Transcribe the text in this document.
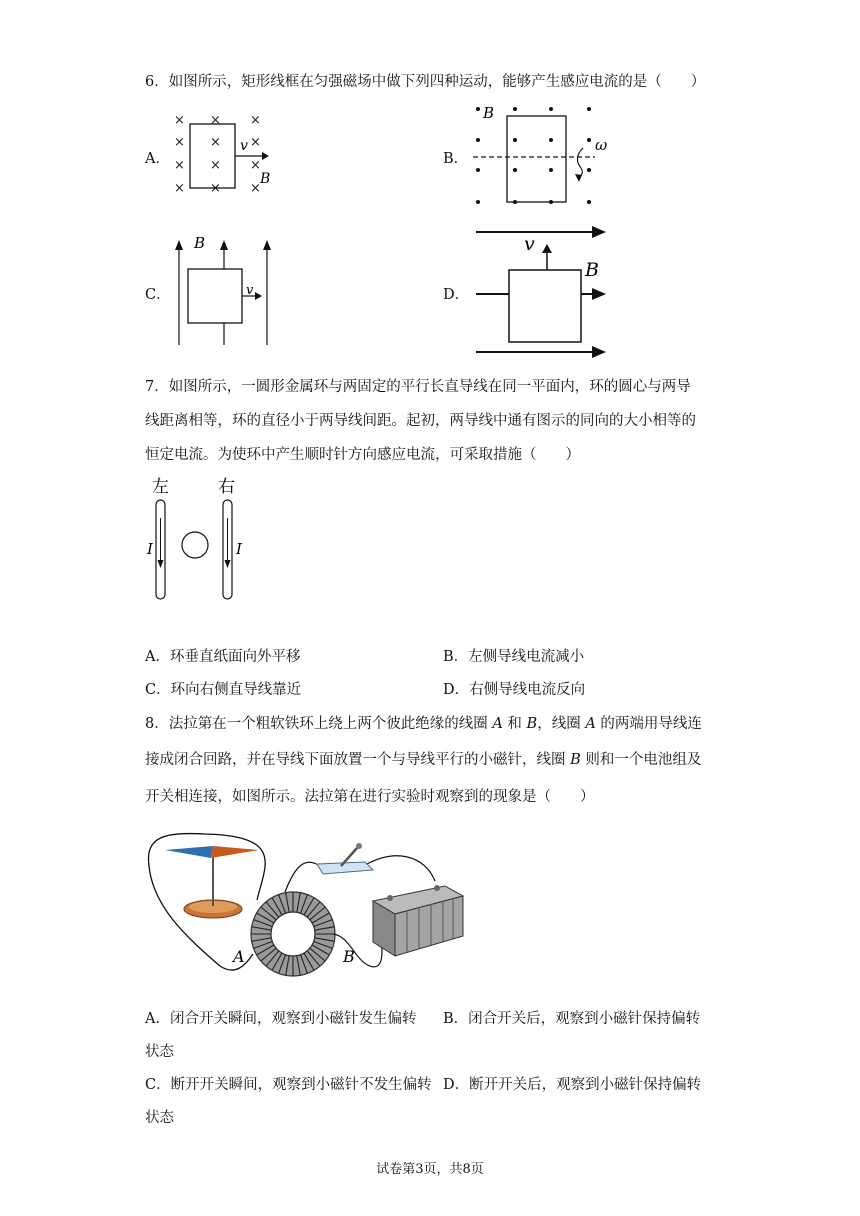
6．如图所示，矩形线框在匀强磁场中做下列四种运动，能够产生感应电流的是（　　）
A．
× × ×
× × ×
× × ×
× × ×
v
B
B．
B
ω
C．
B
v	D．
v
B
7．如图所示，一圆形金属环与两固定的平行长直导线在同一平面内，环的圆心与两导
线距离相等，环的直径小于两导线间距。起初，两导线中通有图示的同向的大小相等的
恒定电流。为使环中产生顺时针方向感应电流，可采取措施（　　）
左	右
I	I
A．环垂直纸面向外平移	B．左侧导线电流减小
C．环向右侧直导线靠近	D．右侧导线电流反向
8．法拉第在一个粗软铁环上绕上两个彼此绝缘的线圈 A 和 B，线圈 A 的两端用导线连
接成闭合回路，并在导线下面放置一个与导线平行的小磁针，线圈 B 则和一个电池组及
开关相连接，如图所示。法拉第在进行实验时观察到的现象是（　　）
A	B
A．闭合开关瞬间，观察到小磁针发生偏转 B．闭合开关后，观察到小磁针保持偏转
状态
C．断开开关瞬间，观察到小磁针不发生偏转 D．断开开关后，观察到小磁针保持偏转
状态
试卷第3页，共8页
